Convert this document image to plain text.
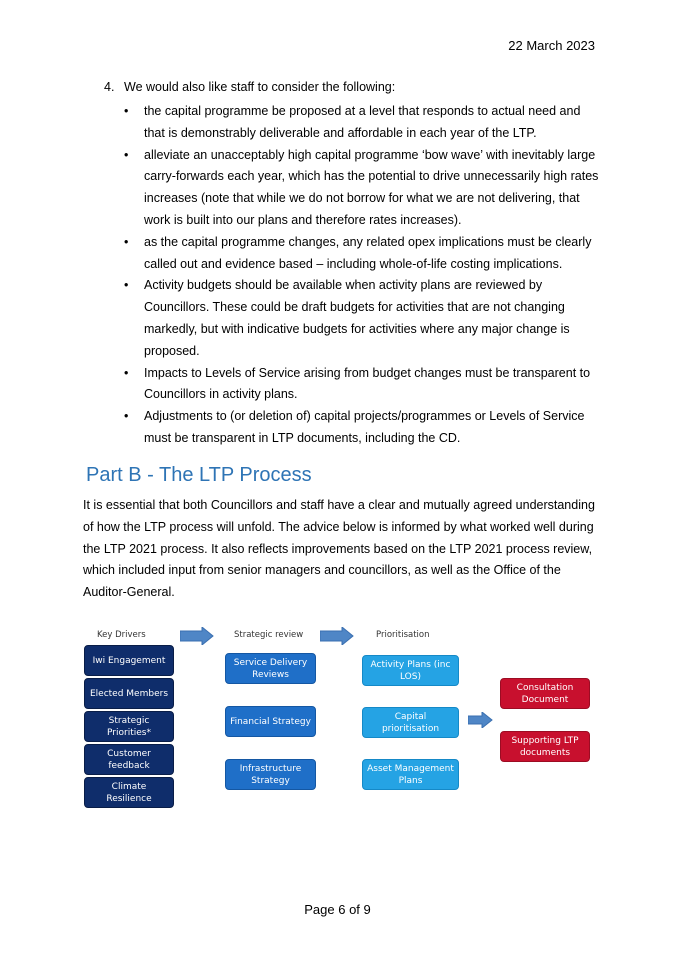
22 March 2023
4. We would also like staff to consider the following:
• the capital programme be proposed at a level that responds to actual need and that is demonstrably deliverable and affordable in each year of the LTP.
• alleviate an unacceptably high capital programme ‘bow wave’ with inevitably large carry-forwards each year, which has the potential to drive unnecessarily high rates increases (note that while we do not borrow for what we are not delivering, that work is built into our plans and therefore rates increases).
• as the capital programme changes, any related opex implications must be clearly called out and evidence based – including whole-of-life costing implications.
• Activity budgets should be available when activity plans are reviewed by Councillors. These could be draft budgets for activities that are not changing markedly, but with indicative budgets for activities where any major change is proposed.
• Impacts to Levels of Service arising from budget changes must be transparent to Councillors in activity plans.
• Adjustments to (or deletion of) capital projects/programmes or Levels of Service must be transparent in LTP documents, including the CD.
Part B - The LTP Process

It is essential that both Councillors and staff have a clear and mutually agreed understanding of how the LTP process will unfold. The advice below is informed by what worked well during the LTP 2021 process. It also reflects improvements based on the LTP 2021 process review, which included input from senior managers and councillors, as well as the Office of the Auditor-General.

Key Drivers	Strategic review	Prioritisation
Iwi Engagement
Elected Members
Strategic Priorities*
Customer feedback
Climate Resilience
Service Delivery Reviews
Financial Strategy
Infrastructure Strategy
Activity Plans (inc LOS)
Capital prioritisation
Asset Management Plans
Consultation Document
Supporting LTP documents
Page 6 of 9
